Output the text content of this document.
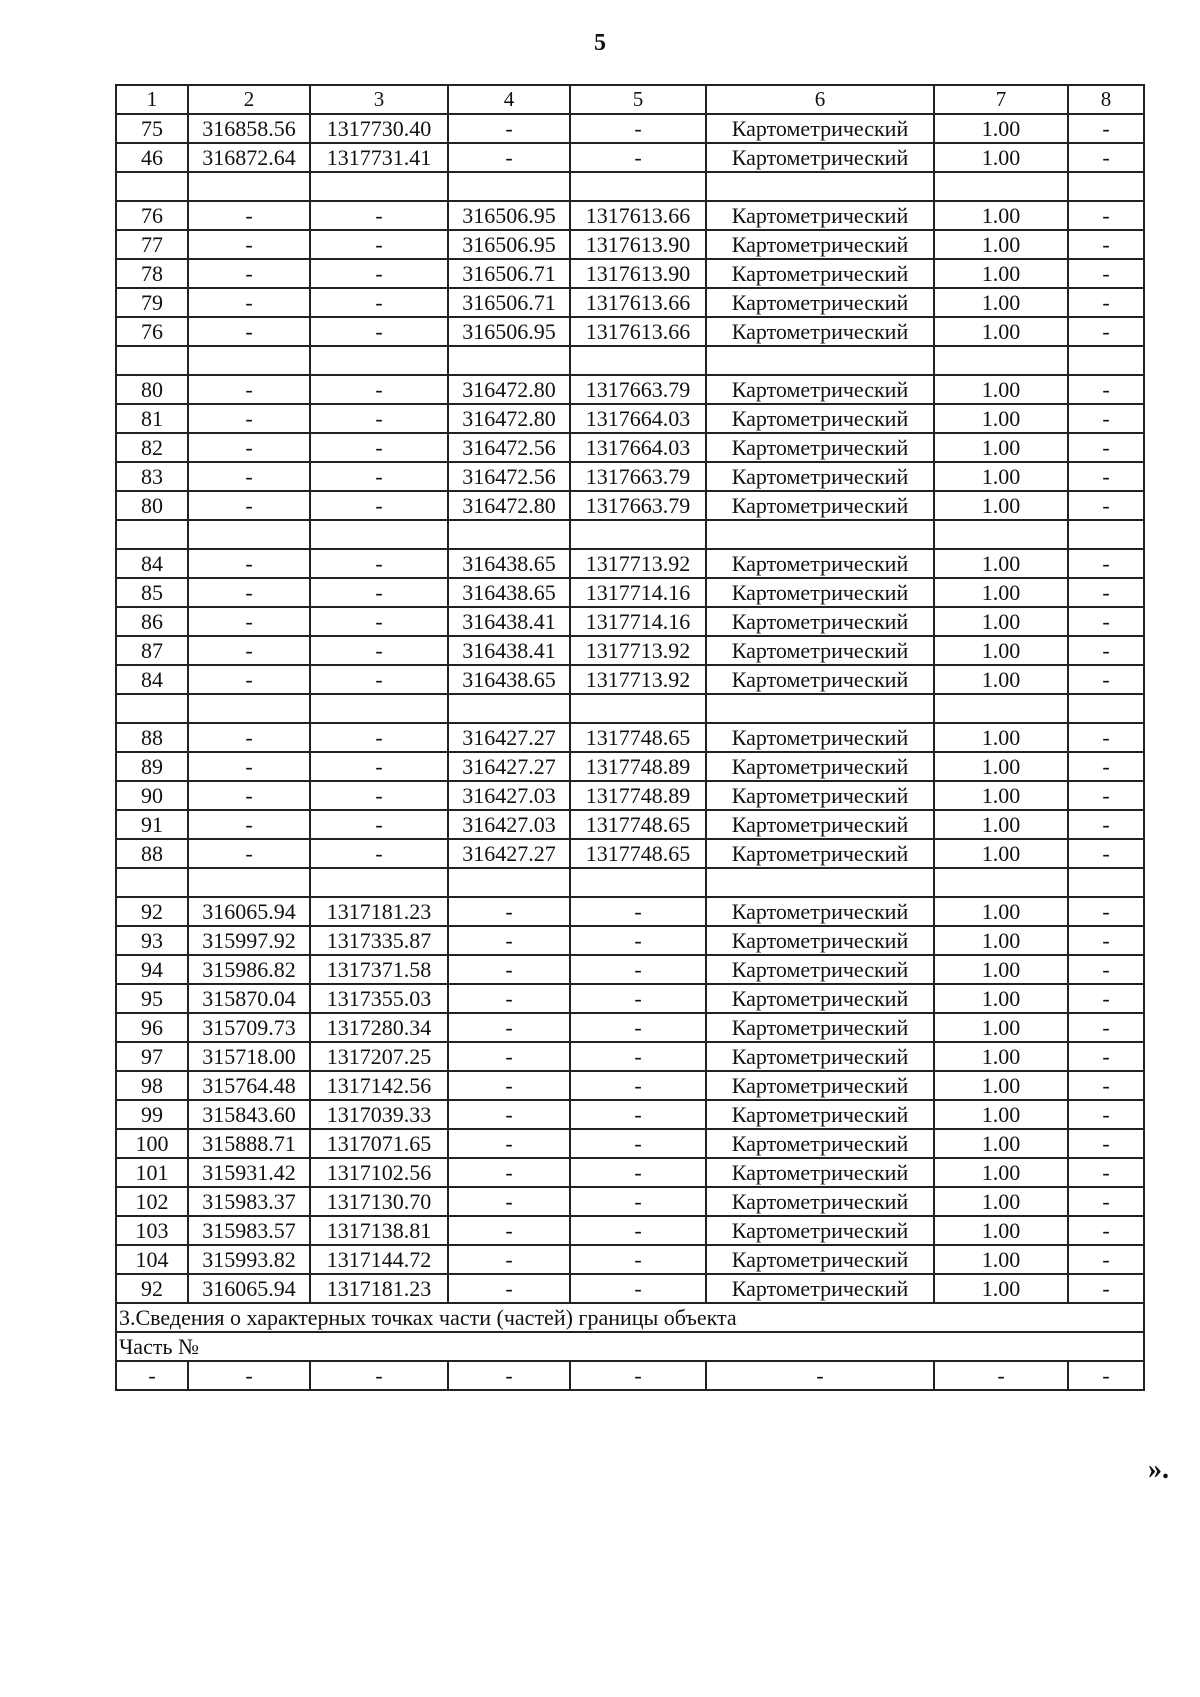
5
1	2	3	4	5	6	7	8
75	316858.56	1317730.40	-	-	Картометрический	1.00	-
46	316872.64	1317731.41	-	-	Картометрический	1.00	-

76	-	-	316506.95	1317613.66	Картометрический	1.00	-
77	-	-	316506.95	1317613.90	Картометрический	1.00	-
78	-	-	316506.71	1317613.90	Картометрический	1.00	-
79	-	-	316506.71	1317613.66	Картометрический	1.00	-
76	-	-	316506.95	1317613.66	Картометрический	1.00	-

80	-	-	316472.80	1317663.79	Картометрический	1.00	-
81	-	-	316472.80	1317664.03	Картометрический	1.00	-
82	-	-	316472.56	1317664.03	Картометрический	1.00	-
83	-	-	316472.56	1317663.79	Картометрический	1.00	-
80	-	-	316472.80	1317663.79	Картометрический	1.00	-

84	-	-	316438.65	1317713.92	Картометрический	1.00	-
85	-	-	316438.65	1317714.16	Картометрический	1.00	-
86	-	-	316438.41	1317714.16	Картометрический	1.00	-
87	-	-	316438.41	1317713.92	Картометрический	1.00	-
84	-	-	316438.65	1317713.92	Картометрический	1.00	-

88	-	-	316427.27	1317748.65	Картометрический	1.00	-
89	-	-	316427.27	1317748.89	Картометрический	1.00	-
90	-	-	316427.03	1317748.89	Картометрический	1.00	-
91	-	-	316427.03	1317748.65	Картометрический	1.00	-
88	-	-	316427.27	1317748.65	Картометрический	1.00	-

92	316065.94	1317181.23	-	-	Картометрический	1.00	-
93	315997.92	1317335.87	-	-	Картометрический	1.00	-
94	315986.82	1317371.58	-	-	Картометрический	1.00	-
95	315870.04	1317355.03	-	-	Картометрический	1.00	-
96	315709.73	1317280.34	-	-	Картометрический	1.00	-
97	315718.00	1317207.25	-	-	Картометрический	1.00	-
98	315764.48	1317142.56	-	-	Картометрический	1.00	-
99	315843.60	1317039.33	-	-	Картометрический	1.00	-
100	315888.71	1317071.65	-	-	Картометрический	1.00	-
101	315931.42	1317102.56	-	-	Картометрический	1.00	-
102	315983.37	1317130.70	-	-	Картометрический	1.00	-
103	315983.57	1317138.81	-	-	Картометрический	1.00	-
104	315993.82	1317144.72	-	-	Картометрический	1.00	-
92	316065.94	1317181.23	-	-	Картометрический	1.00	-
3.Сведения о характерных точках части (частей) границы объекта							
Часть №							
-	-	-	-	-	-	-	-
».
